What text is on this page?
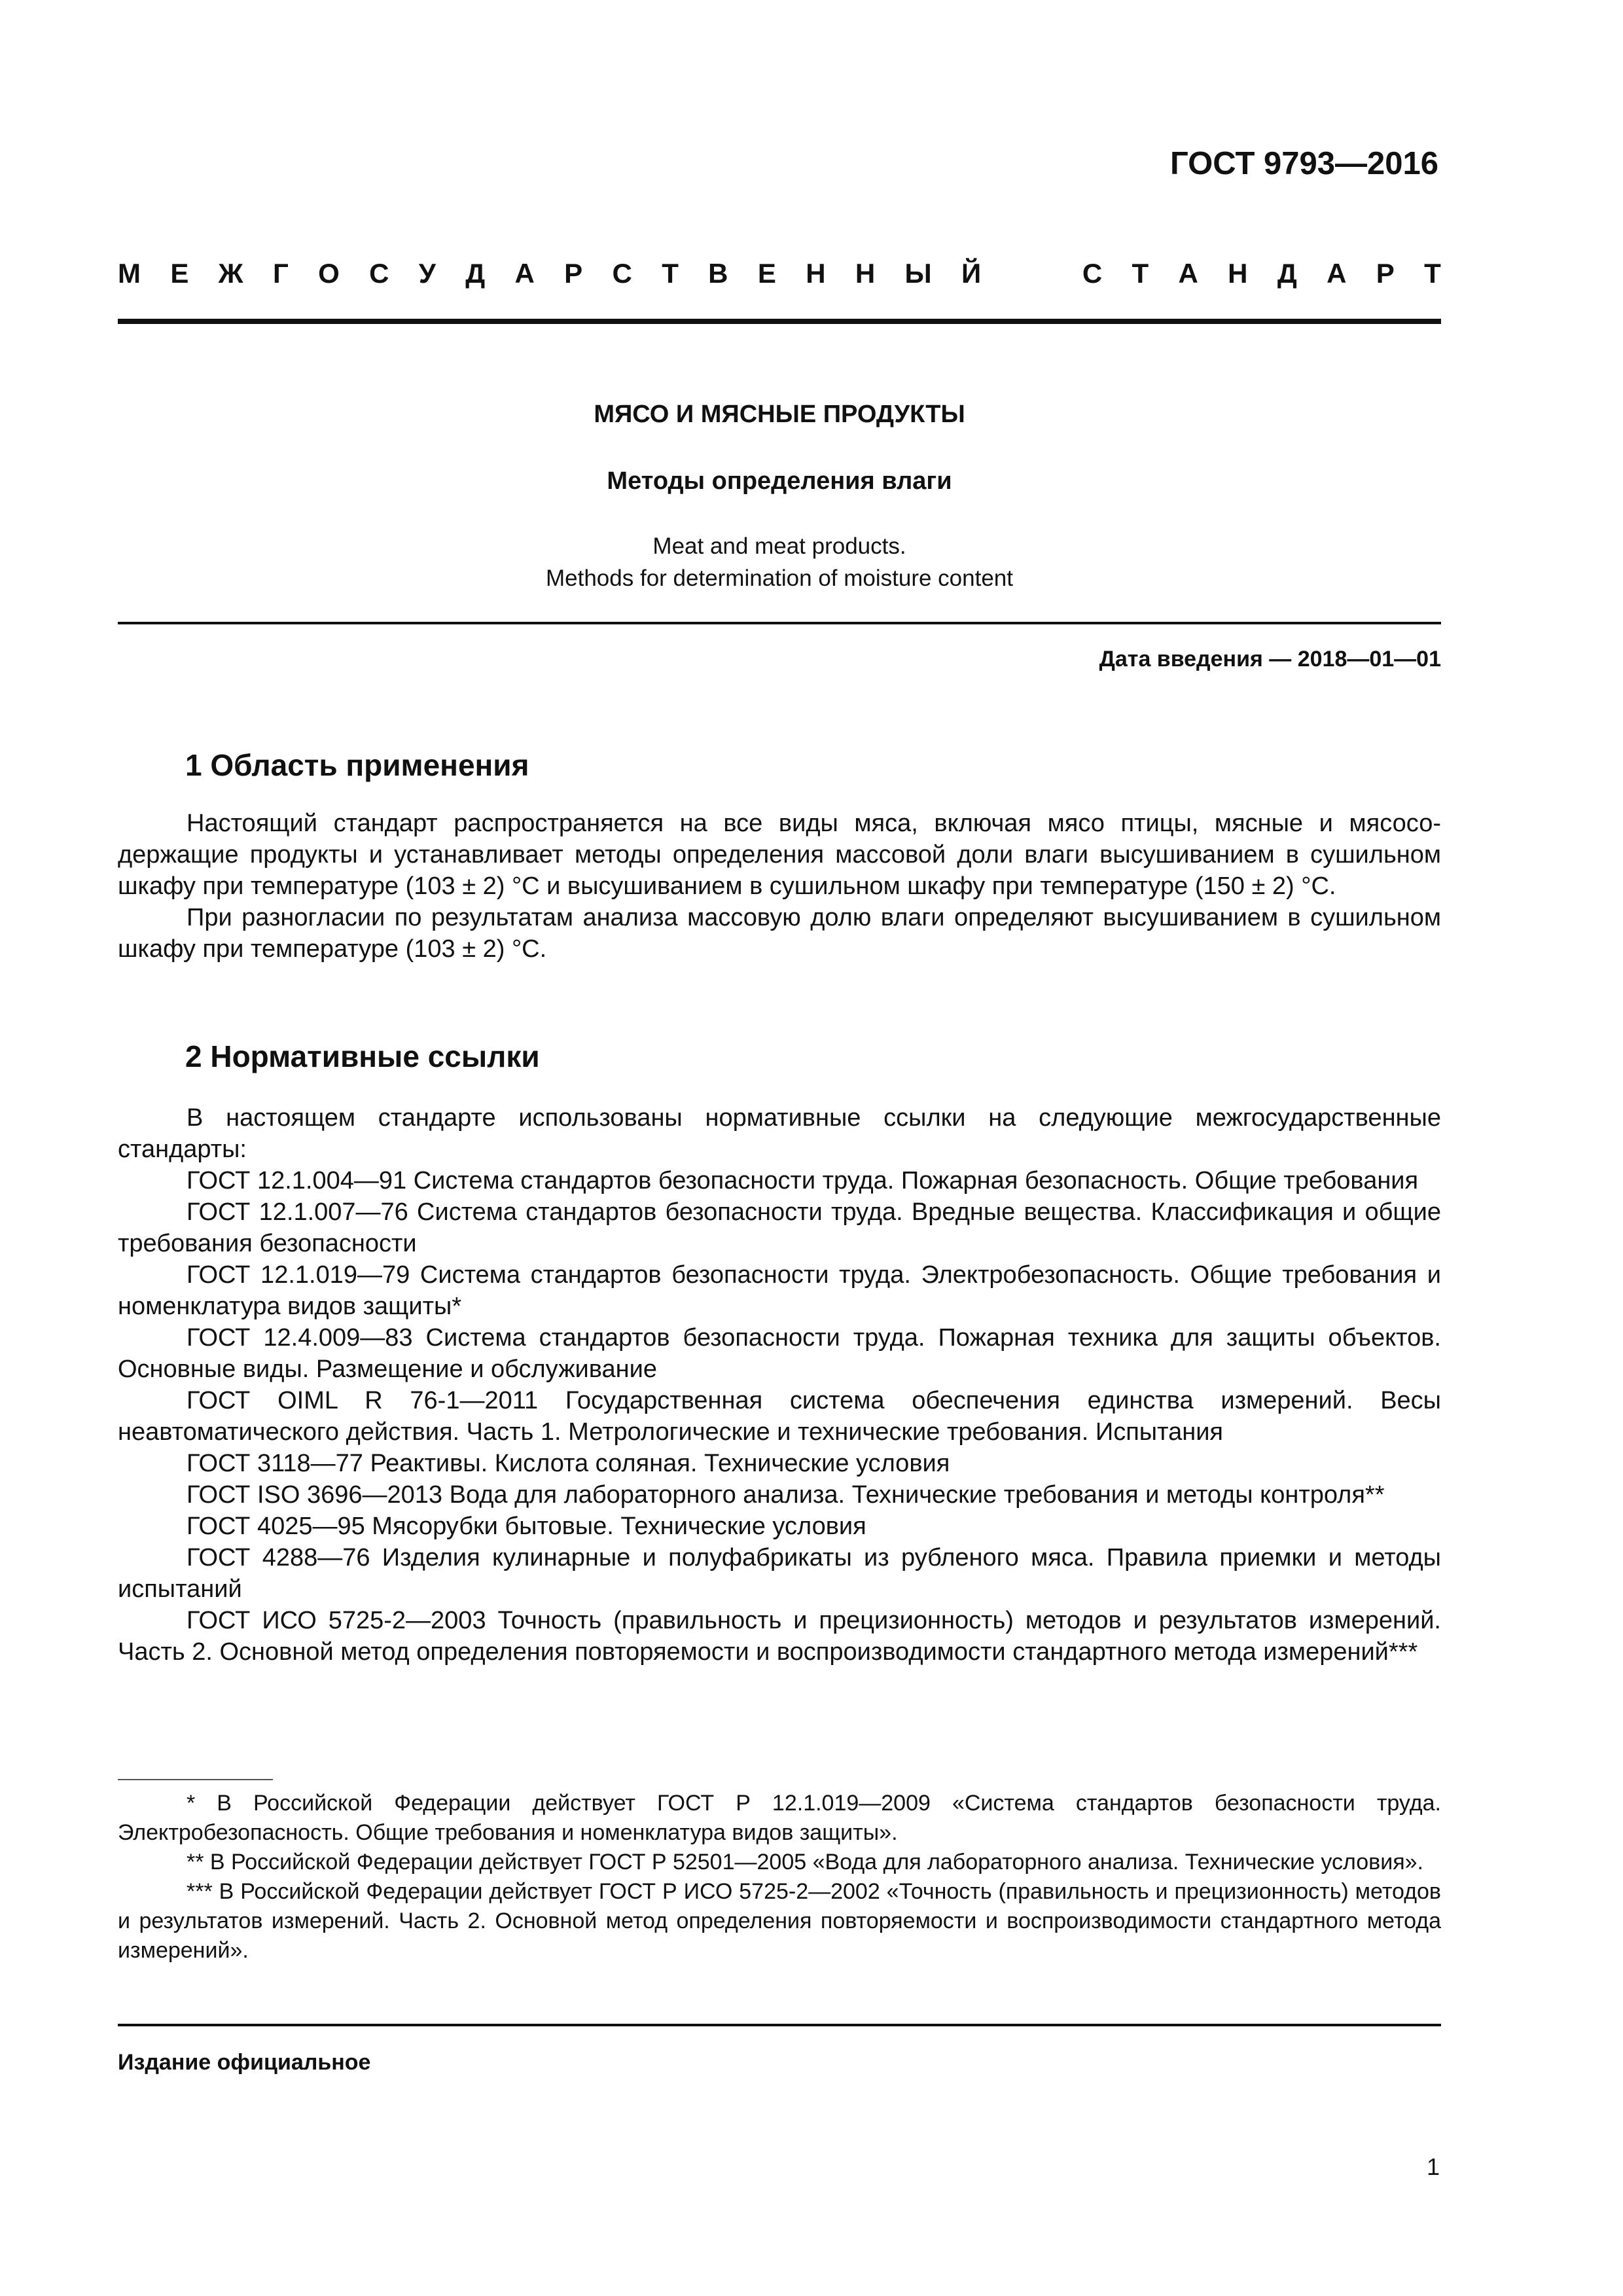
ГОСТ 9793—2016
М Е Ж Г О С У Д А Р С Т В Е Н Н Ы Й	С Т А Н Д А Р Т
МЯСО И МЯСНЫЕ ПРОДУКТЫ
Методы определения влаги
Meat and meat products.
Methods for determination of moisture content
Дата введения — 2018—01—01
1 Область применения

Настоящий стандарт распространяется на все виды мяса, включая мясо птицы, мясные и мясосодержащие продукты и устанавливает методы определения массовой доли влаги высушиванием в сушильном шкафу при температуре (103 ± 2) °С и высушиванием в сушильном шкафу при температуре (150 ± 2) °С.

При разногласии по результатам анализа массовую долю влаги определяют высушиванием в сушильном шкафу при температуре (103 ± 2) °С.

2 Нормативные ссылки

В настоящем стандарте использованы нормативные ссылки на следующие межгосударственные стандарты:

ГОСТ 12.1.004—91 Система стандартов безопасности труда. Пожарная безопасность. Общие требования

ГОСТ 12.1.007—76 Система стандартов безопасности труда. Вредные вещества. Классификация и общие требования безопасности

ГОСТ 12.1.019—79 Система стандартов безопасности труда. Электробезопасность. Общие требования и номенклатура видов защиты*

ГОСТ 12.4.009—83 Система стандартов безопасности труда. Пожарная техника для защиты объектов. Основные виды. Размещение и обслуживание

ГОСТ OIML R 76-1—2011 Государственная система обеспечения единства измерений. Весы неавтоматического действия. Часть 1. Метрологические и технические требования. Испытания

ГОСТ 3118—77 Реактивы. Кислота соляная. Технические условия

ГОСТ ISO 3696—2013 Вода для лабораторного анализа. Технические требования и методы контроля**

ГОСТ 4025—95 Мясорубки бытовые. Технические условия

ГОСТ 4288—76 Изделия кулинарные и полуфабрикаты из рубленого мяса. Правила приемки и методы испытаний

ГОСТ ИСО 5725-2—2003 Точность (правильность и прецизионность) методов и результатов измерений. Часть 2. Основной метод определения повторяемости и воспроизводимости стандартного метода измерений***

* В Российской Федерации действует ГОСТ Р 12.1.019—2009 «Система стандартов безопасности труда. Электробезопасность. Общие требования и номенклатура видов защиты».

** В Российской Федерации действует ГОСТ Р 52501—2005 «Вода для лабораторного анализа. Технические условия».

*** В Российской Федерации действует ГОСТ Р ИСО 5725-2—2002 «Точность (правильность и прецизионность) методов и результатов измерений. Часть 2. Основной метод определения повторяемости и воспроизводимости стандартного метода измерений».

Издание официальное
1
